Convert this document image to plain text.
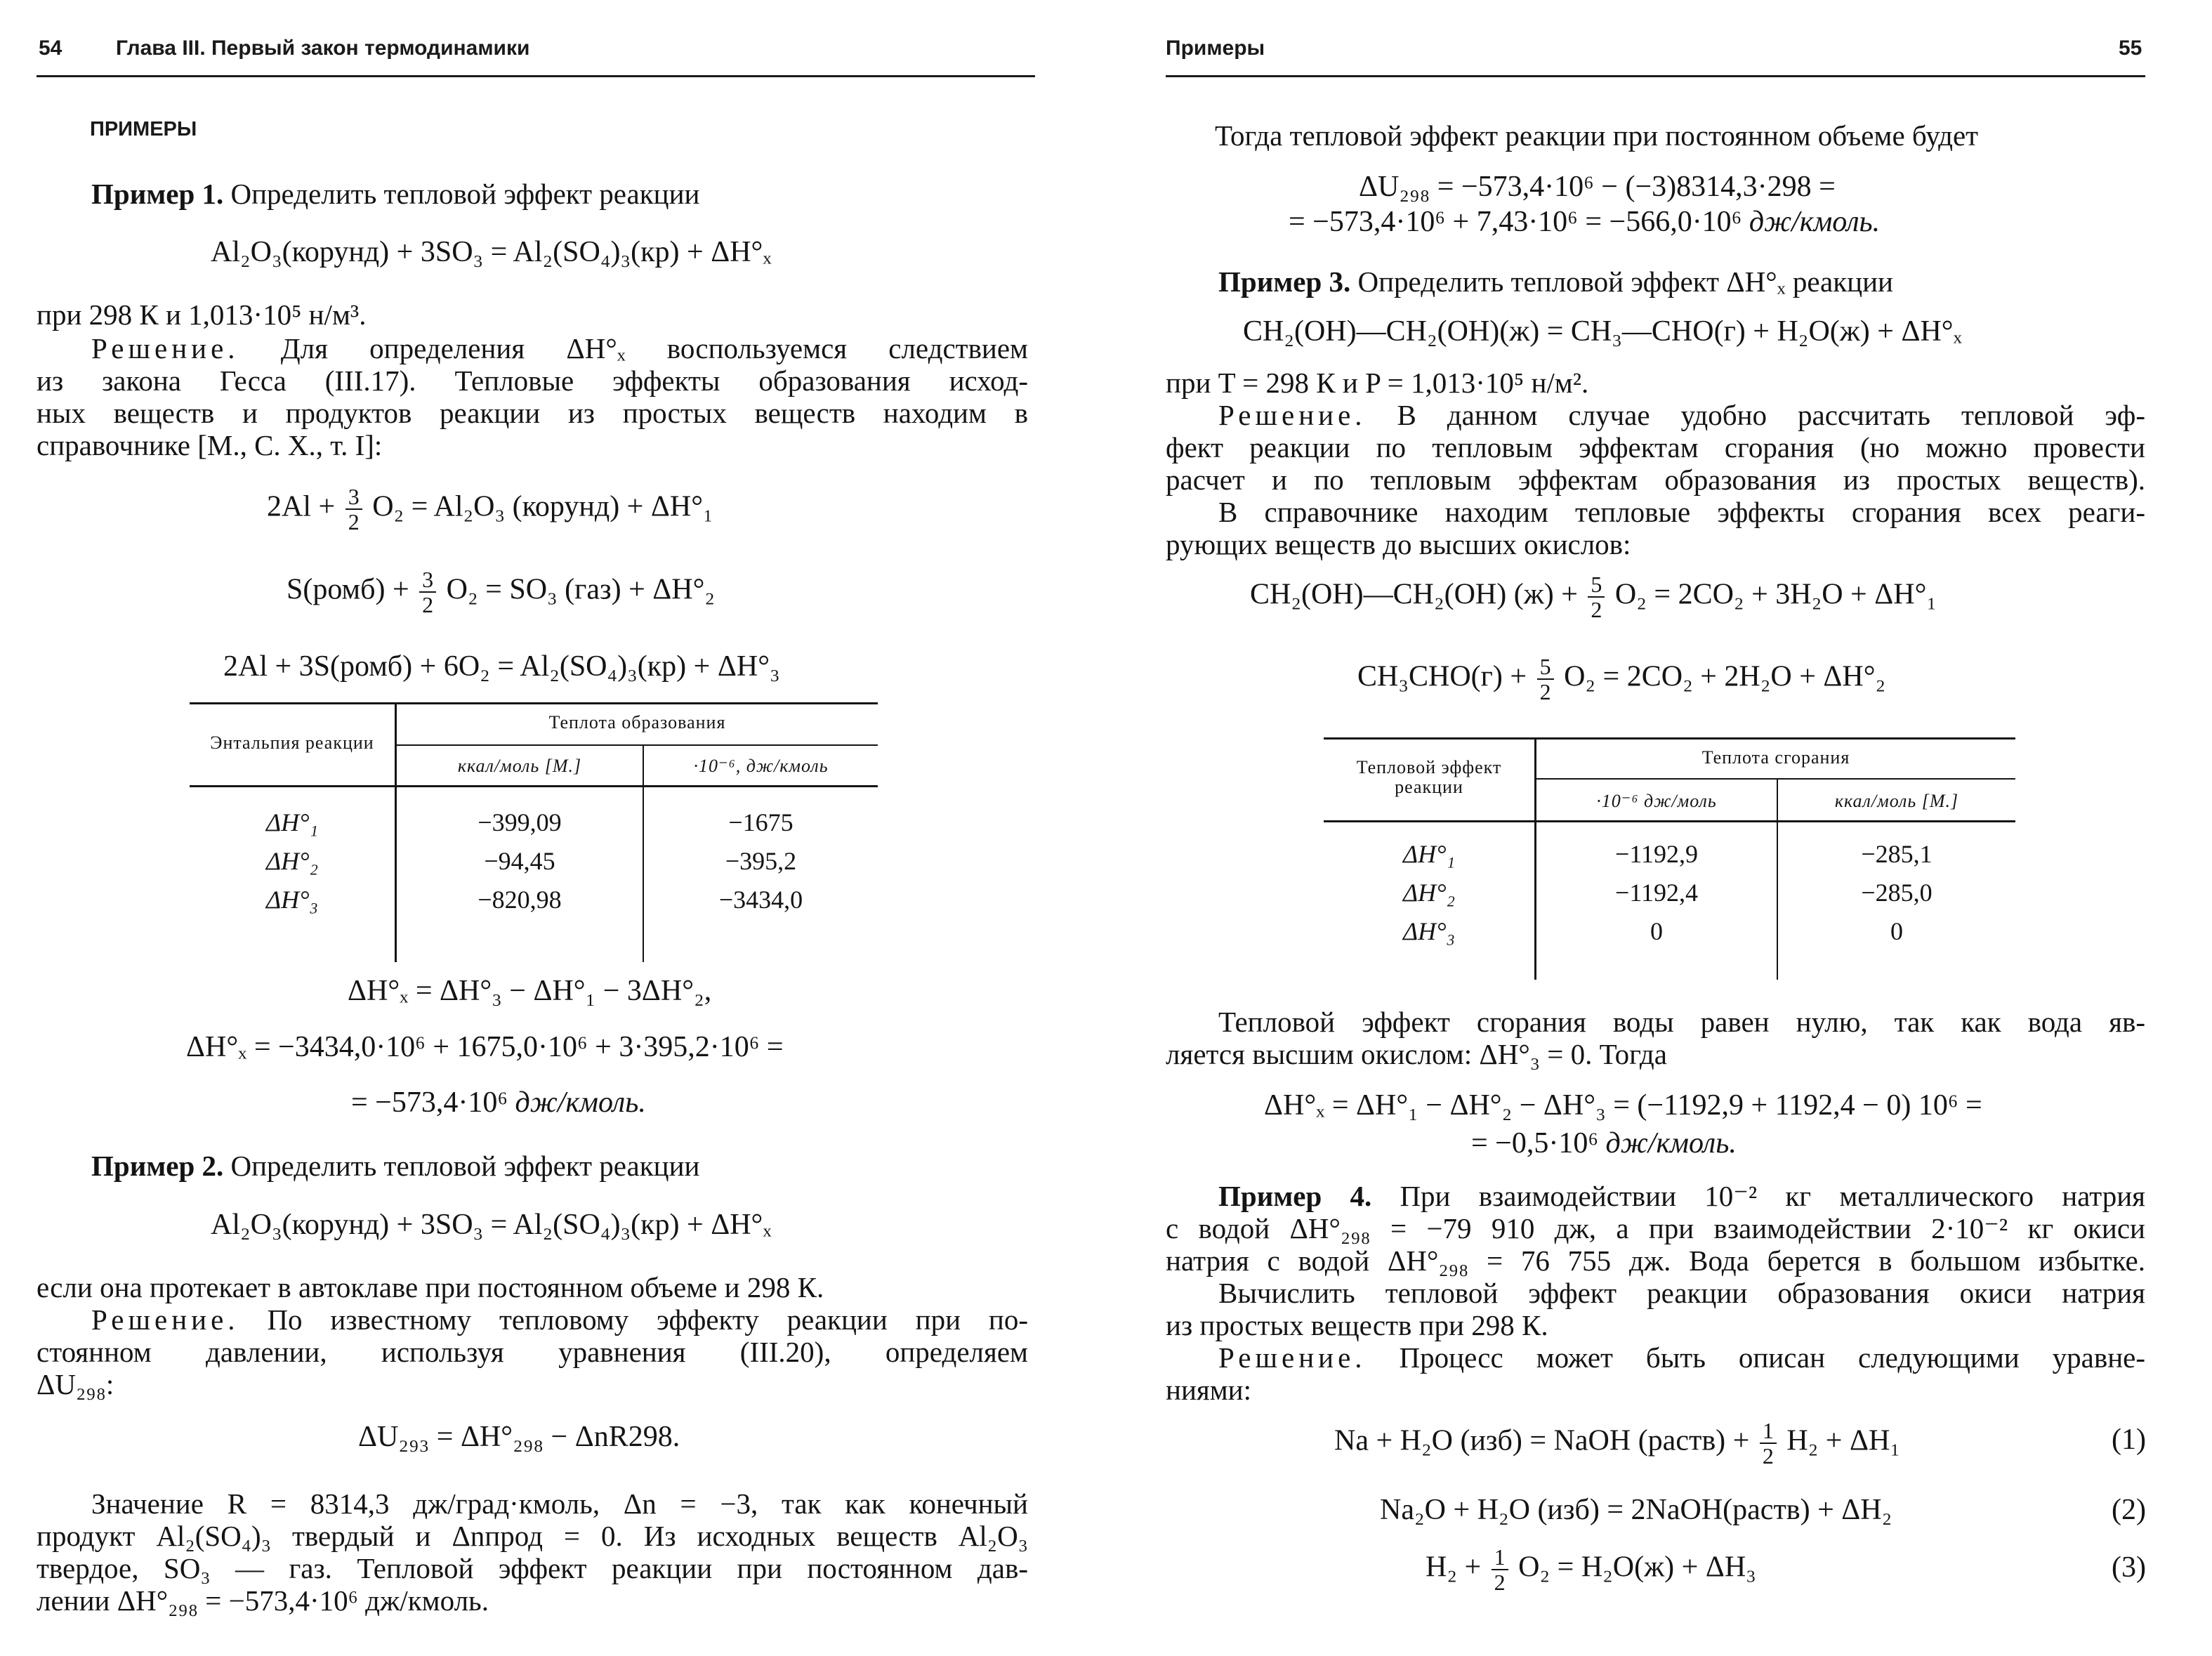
54	Глава III. Первый закон термодинамики
ПРИМЕРЫ
Пример 1. Определить тепловой эффект реакции
Al₂O₃(корунд) + 3SO₃ = Al₂(SO₄)₃(кр) + ΔH°ₓ
при 298 К и 1,013·10⁵ н/м³.
Решение. Для определения ΔH°ₓ воспользуемся следствием
из закона Гесса (III.17). Тепловые эффекты образования исход-
ных веществ и продуктов реакции из простых веществ находим в
справочнике [М., С. Х., т. I]:
$2Al + \frac{3}{2} O_2 = Al_2O_3$ (корунд) + ΔH°₁
S(ромб) + $\frac{3}{2} O_2 = SO_3$ (газ) + ΔH°₂
2Al + 3S(ромб) + 6O₂ = Al₂(SO₄)₃(кр) + ΔH°₃
Энтальпия реакции
Теплота образования
ккал/моль [М.]	·10⁻⁶, дж/кмоль
ΔH°₁	−399,09	−1675
ΔH°₂	−94,45	−395,2
ΔH°₃	−820,98	−3434,0
ΔH°ₓ = ΔH°₃ − ΔH°₁ − 3ΔH°₂,
ΔH°ₓ = −3434,0·10⁶ + 1675,0·10⁶ + 3·395,2·10⁶ =
= −573,4·10⁶ дж/кмоль.
Пример 2. Определить тепловой эффект реакции
Al₂O₃(корунд) + 3SO₃ = Al₂(SO₄)₃(кр) + ΔH°ₓ
если она протекает в автоклаве при постоянном объеме и 298 К.
Решение. По известному тепловому эффекту реакции при по-
стоянном давлении, используя уравнения (III.20), определяем
ΔU₂₉₈:
ΔU₂₉₃ = ΔH°₂₉₈ − ΔnR298.
Значение R = 8314,3 дж/град·кмоль, Δn = −3, так как конечный
продукт Al₂(SO₄)₃ твердый и Δnпрод = 0. Из исходных веществ Al₂O₃
твердое, SO₃ — газ. Тепловой эффект реакции при постоянном дав-
лении ΔH°₂₉₈ = −573,4·10⁶ дж/кмоль.
Примеры	55
Тогда тепловой эффект реакции при постоянном объеме будет
ΔU₂₉₈ = −573,4·10⁶ − (−3)8314,3·298 =
= −573,4·10⁶ + 7,43·10⁶ = −566,0·10⁶ дж/кмоль.
Пример 3. Определить тепловой эффект ΔH°ₓ реакции
CH₂(OH)—CH₂(OH)(ж) = CH₃—CHO(г) + H₂O(ж) + ΔH°ₓ
при T = 298 К и P = 1,013·10⁵ н/м².
Решение. В данном случае удобно рассчитать тепловой эф-
фект реакции по тепловым эффектам сгорания (но можно провести
расчет и по тепловым эффектам образования из простых веществ).
В справочнике находим тепловые эффекты сгорания всех реаги-
рующих веществ до высших окислов:
CH₂(OH)—CH₂(OH) $(ж) + \frac{5}{2} O_2 = 2CO_2 + 3H_2O + \Delta H^\circ_1$
$CH_3CHO(г) + \frac{5}{2} O_2 = 2CO_2 + 2H_2O + \Delta H^\circ_2$
Тепловой эффект
реакции
Теплота сгорания
·10⁻⁶ дж/моль	ккал/моль [М.]
ΔH°₁	−1192,9	−285,1
ΔH°₂	−1192,4	−285,0
ΔH°₃	0	0
Тепловой эффект сгорания воды равен нулю, так как вода яв-
ляется высшим окислом: ΔH°₃ = 0. Тогда
ΔH°ₓ = ΔH°₁ − ΔH°₂ − ΔH°₃ = (−1192,9 + 1192,4 − 0) 10⁶ =
= −0,5·10⁶ дж/кмоль.
Пример 4. При взаимодействии 10⁻² кг металлического натрия
с водой ΔH°₂₉₈ = −79 910 дж, а при взаимодействии 2·10⁻² кг окиси
натрия с водой ΔH°₂₉₈ = 76 755 дж. Вода берется в большом избытке.
Вычислить тепловой эффект реакции образования окиси натрия
из простых веществ при 298 К.
Решение. Процесс может быть описан следующими уравне-
ниями:
Na + H₂O (изб) = NaOH (раств) + $\frac{1}{2} H_2 + \Delta H_1$	(1)
Na₂O + H₂O (изб) = 2NaOH(раств) + ΔH₂	(2)
$H_2 + \frac{1}{2} O_2 = H_2O(ж) + \Delta H_3$	(3)
